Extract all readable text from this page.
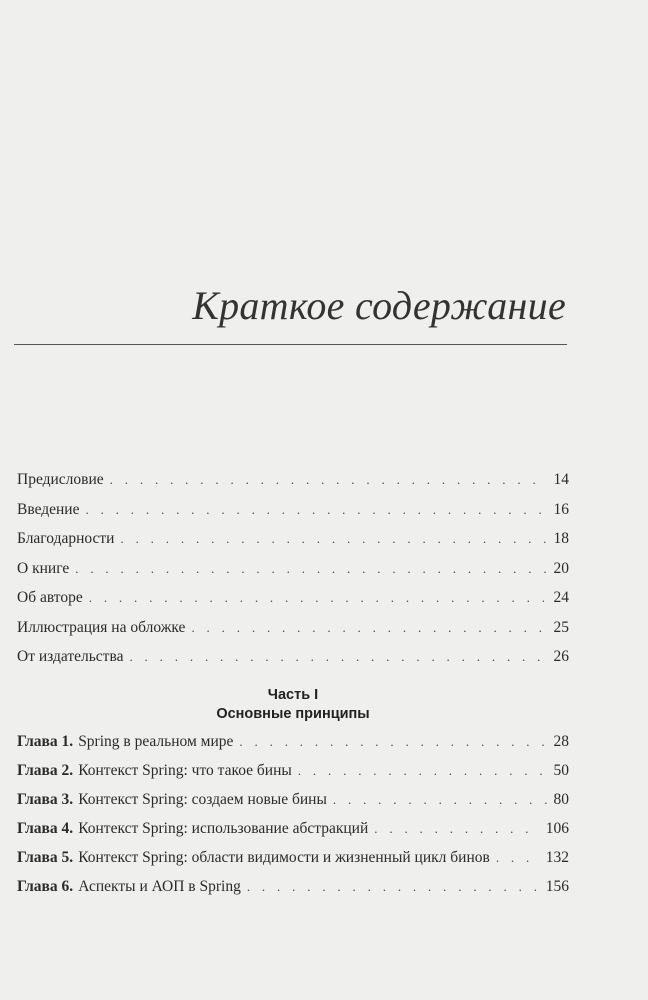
Краткое содержание
Предисловие . . .	14
Введение . . .	16
Благодарности . . .	18
О книге . . .	20
Об авторе . . .	24
Иллюстрация на обложке . . .	25
От издательства . . .	26
Часть I
Основные принципы
Глава 1. Spring в реальном мире . . .	28
Глава 2. Контекст Spring: что такое бины . . .	50
Глава 3. Контекст Spring: создаем новые бины . . .	80
Глава 4. Контекст Spring: использование абстракций . . .	106
Глава 5. Контекст Spring: области видимости и жизненный цикл бинов . . .	132
Глава 6. Аспекты и АОП в Spring . . .	156
